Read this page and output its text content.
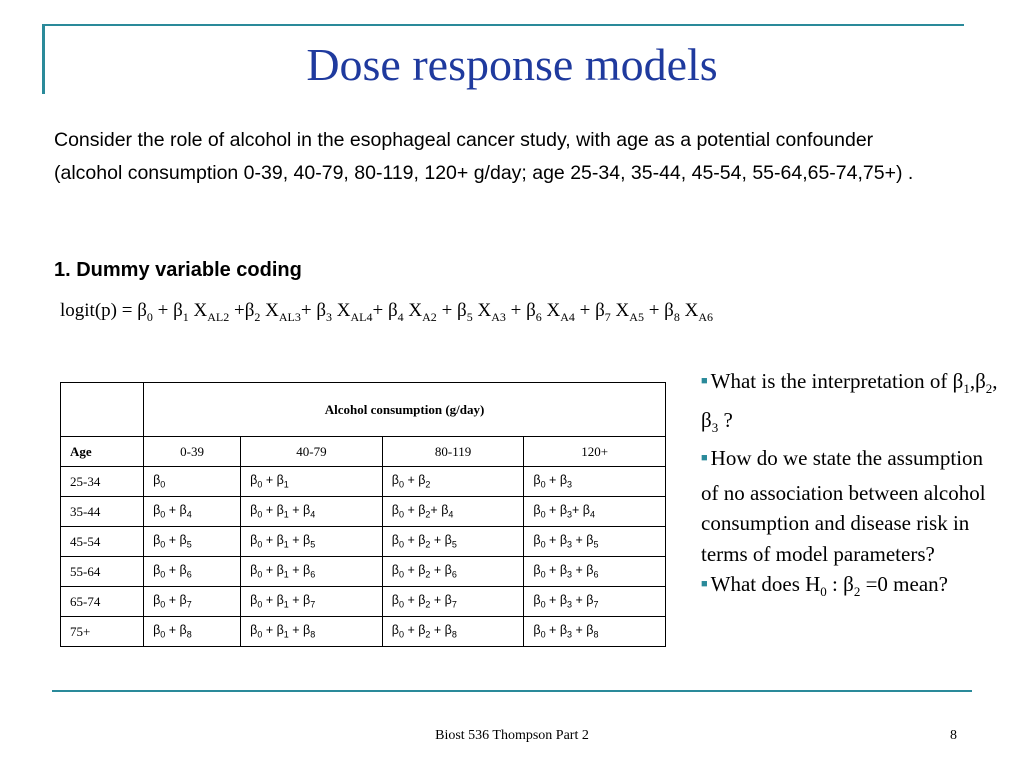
Dose response models
Consider the role of alcohol in the esophageal cancer study, with age as a potential confounder (alcohol consumption 0-39, 40-79, 80-119, 120+ g/day; age 25-34, 35-44, 45-54, 55-64,65-74,75+) .
1. Dummy variable coding
logit(p) = $\beta_0 + \beta_1$ $X_{AL2} +\beta_2$ $X_{AL3}+ \beta_3$ $X_{AL4}+ \beta_4$ $X_{A2} + \beta_5$ $X_{A3} + \beta_6$ $X_{A4} + \beta_7$ $X_{A5} + \beta_8$ $X_{A6}$
	Alcohol consumption (g/day)			
Age	0-39	40-79	80-119	120+
25-34	$\beta_0$	$\beta_0 + \beta_1$	$\beta_0 + \beta_2$	$\beta_0 + \beta_3$
35-44	$\beta_0 + \beta_4$	$\beta_0 + \beta_1 + \beta_4$	$\beta_0 + \beta_2+ \beta_4$	$\beta_0 + \beta_3+ \beta_4$
45-54	$\beta_0 + \beta_5$	$\beta_0 + \beta_1 + \beta_5$	$\beta_0 + \beta_2 + \beta_5$	$\beta_0 + \beta_3 + \beta_5$
55-64	$\beta_0 + \beta_6$	$\beta_0 + \beta_1 + \beta_6$	$\beta_0 + \beta_2 + \beta_6$	$\beta_0 + \beta_3 + \beta_6$
65-74	$\beta_0 + \beta_7$	$\beta_0 + \beta_1 + \beta_7$	$\beta_0 + \beta_2 + \beta_7$	$\beta_0 + \beta_3 + \beta_7$
75+	$\beta_0 + \beta_8$	$\beta_0 + \beta_1 + \beta_8$	$\beta_0 + \beta_2 + \beta_8$	$\beta_0 + \beta_3 + \beta_8$
■ What is the interpretation of $\beta_1,\beta_2$, $\beta_3$ ?
■ How do we state the assumption of no association between alcohol consumption and disease risk in terms of model parameters?
■ What does $H_0$ : $\beta_2 =0$ mean?
Biost 536 Thompson Part 2	8
